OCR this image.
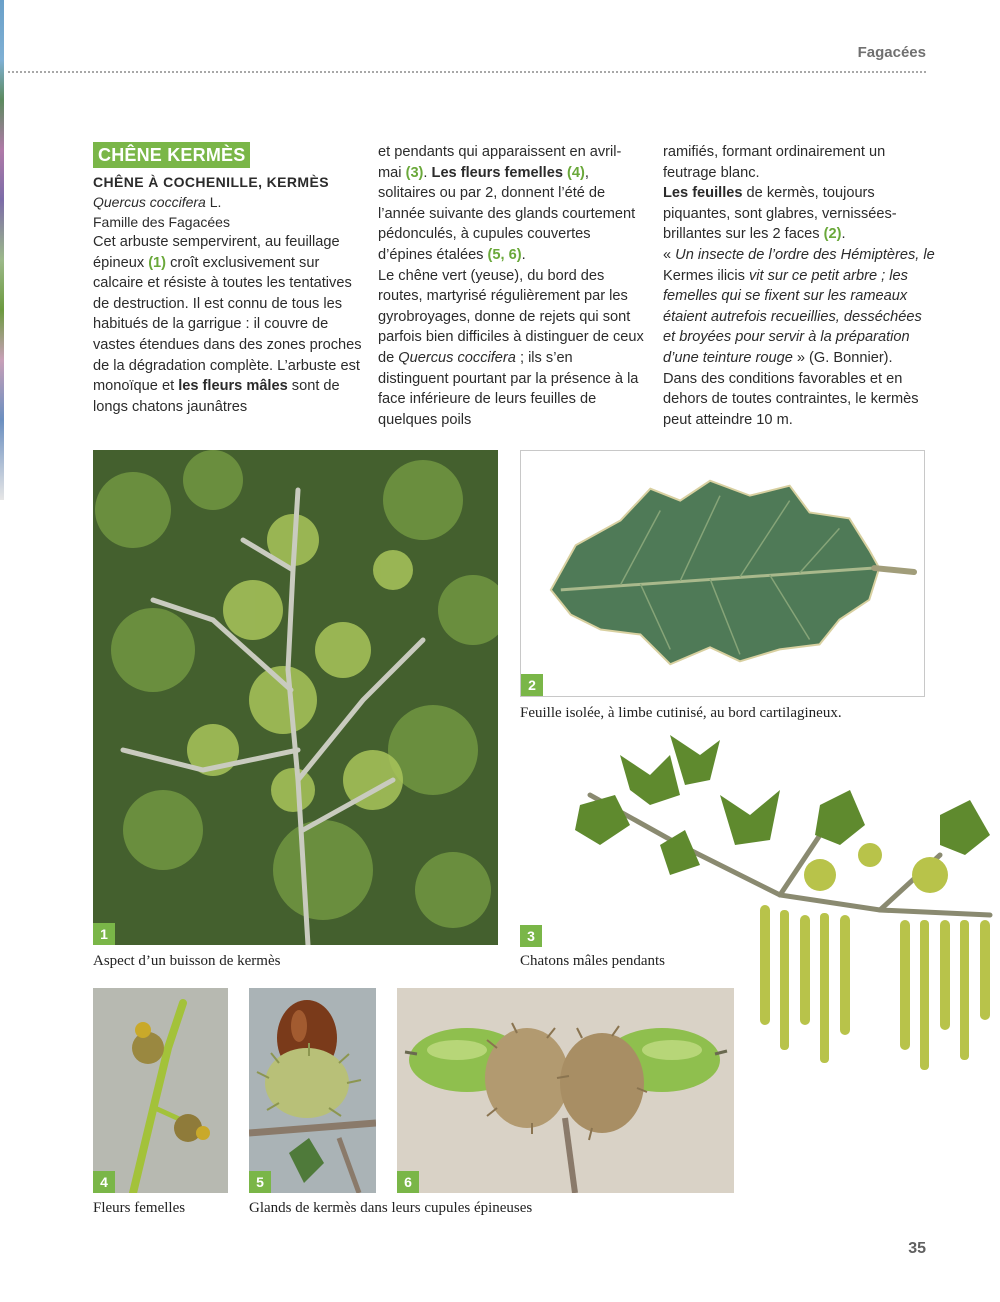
Fagacées
CHÊNE KERMÈS
CHÊNE À COCHENILLE, KERMÈS
Quercus coccifera L.
Famille des Fagacées

Cet arbuste sempervirent, au feuillage épineux (1) croît exclusivement sur calcaire et résiste à toutes les tentatives de destruction. Il est connu de tous les habitués de la garrigue : il couvre de vastes étendues dans des zones proches de la dégradation complète. L’arbuste est monoïque et les fleurs mâles sont de longs chatons jaunâtres

et pendants qui apparaissent en avril-mai (3). Les fleurs femelles (4), solitaires ou par 2, donnent l’été de l’année suivante des glands courtement pédonculés, à cupules couvertes d’épines étalées (5, 6).

Le chêne vert (yeuse), du bord des routes, martyrisé régulièrement par les gyrobroyages, donne de rejets qui sont parfois bien difficiles à distinguer de ceux de Quercus coccifera ; ils s’en distinguent pourtant par la présence à la face inférieure de leurs feuilles de quelques poils

ramifiés, formant ordinairement un feutrage blanc.

Les feuilles de kermès, toujours piquantes, sont glabres, vernissées-brillantes sur les 2 faces (2).

« Un insecte de l’ordre des Hémiptères, le Kermes ilicis vit sur ce petit arbre ; les femelles qui se fixent sur les rameaux étaient autrefois recueillies, desséchées et broyées pour servir à la préparation d’une teinture rouge » (G. Bonnier).

Dans des conditions favorables et en dehors de toutes contraintes, le kermès peut atteindre 10 m.

1
Aspect d’un buisson de kermès
2
Feuille isolée, à limbe cutinisé, au bord cartilagineux.
3
Chatons mâles pendants
4
Fleurs femelles
5
Glands de kermès dans leurs cupules épineuses
6
35
